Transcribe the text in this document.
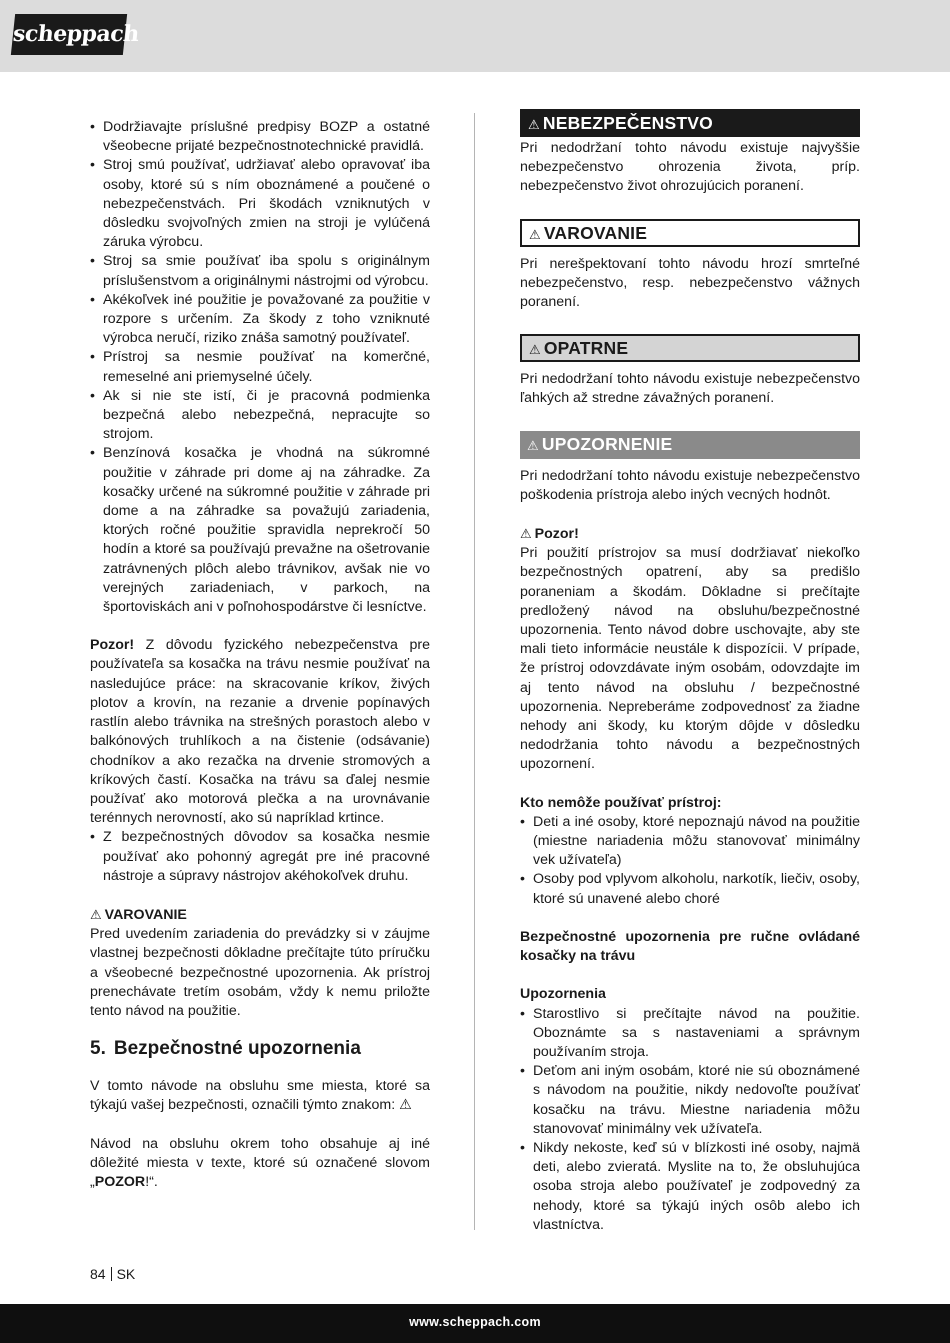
scheppach
• Dodržiavajte príslušné predpisy BOZP a ostatné všeobecne prijaté bezpečnostnotechnické pravidlá.
• Stroj smú používať, udržiavať alebo opravovať iba osoby, ktoré sú s ním oboznámené a poučené o nebezpečenstvách. Pri škodách vzniknutých v dôsledku svojvoľných zmien na stroji je vylúčená záruka výrobcu.
• Stroj sa smie používať iba spolu s originálnym príslušenstvom a originálnymi nástrojmi od výrobcu.
• Akékoľvek iné použitie je považované za použitie v rozpore s určením. Za škody z toho vzniknuté výrobca neručí, riziko znáša samotný používateľ.
• Prístroj sa nesmie používať na komerčné, remeselné ani priemyselné účely.
• Ak si nie ste istí, či je pracovná podmienka bezpečná alebo nebezpečná, nepracujte so strojom.
• Benzínová kosačka je vhodná na súkromné použitie v záhrade pri dome aj na záhradke. Za kosačky určené na súkromné použitie v záhrade pri dome a na záhradke sa považujú zariadenia, ktorých ročné použitie spravidla neprekročí 50 hodín a ktoré sa používajú prevažne na ošetrovanie zatrávnených plôch alebo trávnikov, avšak nie vo verejných zariadeniach, v parkoch, na športoviskách ani v poľnohospodárstve či lesníctve.

Pozor! Z dôvodu fyzického nebezpečenstva pre používateľa sa kosačka na trávu nesmie používať na nasledujúce práce: na skracovanie kríkov, živých plotov a krovín, na rezanie a drvenie popínavých rastlín alebo trávnika na strešných porastoch alebo v balkónových truhlíkoch a na čistenie (odsávanie) chodníkov a ako rezačka na drvenie stromových a kríkových častí. Kosačka na trávu sa ďalej nesmie používať ako motorová plečka a na urovnávanie terénnych nerovností, ako sú napríklad krtince.

• Z bezpečnostných dôvodov sa kosačka nesmie používať ako pohonný agregát pre iné pracovné nástroje a súpravy nástrojov akéhokoľvek druhu.

⚠ VAROVANIE

Pred uvedením zariadenia do prevádzky si v záujme vlastnej bezpečnosti dôkladne prečítajte túto príručku a všeobecné bezpečnostné upozornenia. Ak prístroj prenechávate tretím osobám, vždy k nemu priložte tento návod na použitie.

5. Bezpečnostné upozornenia

V tomto návode na obsluhu sme miesta, ktoré sa týkajú vašej bezpečnosti, označili týmto znakom: ⚠

Návod na obsluhu okrem toho obsahuje aj iné dôležité miesta v texte, ktoré sú označené slovom „POZOR!“.

⚠ NEBEZPEČENSTVO

Pri nedodržaní tohto návodu existuje najvyššie nebezpečenstvo ohrozenia života, príp. nebezpečenstvo život ohrozujúcich poranení.

⚠ VAROVANIE

Pri nerešpektovaní tohto návodu hrozí smrteľné nebezpečenstvo, resp. nebezpečenstvo vážnych poranení.

⚠ OPATRNE

Pri nedodržaní tohto návodu existuje nebezpečenstvo ľahkých až stredne závažných poranení.

⚠ UPOZORNENIE

Pri nedodržaní tohto návodu existuje nebezpečenstvo poškodenia prístroja alebo iných vecných hodnôt.

⚠ Pozor!

Pri použití prístrojov sa musí dodržiavať niekoľko bezpečnostných opatrení, aby sa predišlo poraneniam a škodám. Dôkladne si prečítajte predložený návod na obsluhu/bezpečnostné upozornenia. Tento návod dobre uschovajte, aby ste mali tieto informácie neustále k dispozícii. V prípade, že prístroj odovzdávate iným osobám, odovzdajte im aj tento návod na obsluhu / bezpečnostné upozornenia. Nepreberáme zodpovednosť za žiadne nehody ani škody, ku ktorým dôjde v dôsledku nedodržania tohto návodu a bezpečnostných upozornení.

Kto nemôže používať prístroj:

• Deti a iné osoby, ktoré nepoznajú návod na použitie (miestne nariadenia môžu stanovovať minimálny vek užívateľa)
• Osoby pod vplyvom alkoholu, narkotík, liečiv, osoby, ktoré sú unavené alebo choré

Bezpečnostné upozornenia pre ručne ovládané kosačky na trávu

Upozornenia

• Starostlivo si prečítajte návod na použitie. Oboznámte sa s nastaveniami a správnym používaním stroja.
• Deťom ani iným osobám, ktoré nie sú oboznámené s návodom na použitie, nikdy nedovoľte používať kosačku na trávu. Miestne nariadenia môžu stanovovať minimálny vek užívateľa.
• Nikdy nekoste, keď sú v blízkosti iné osoby, najmä deti, alebo zvieratá. Myslite na to, že obsluhujúca osoba stroja alebo používateľ je zodpovedný za nehody, ktoré sa týkajú iných osôb alebo ich vlastníctva.
84 SK
www.scheppach.com
